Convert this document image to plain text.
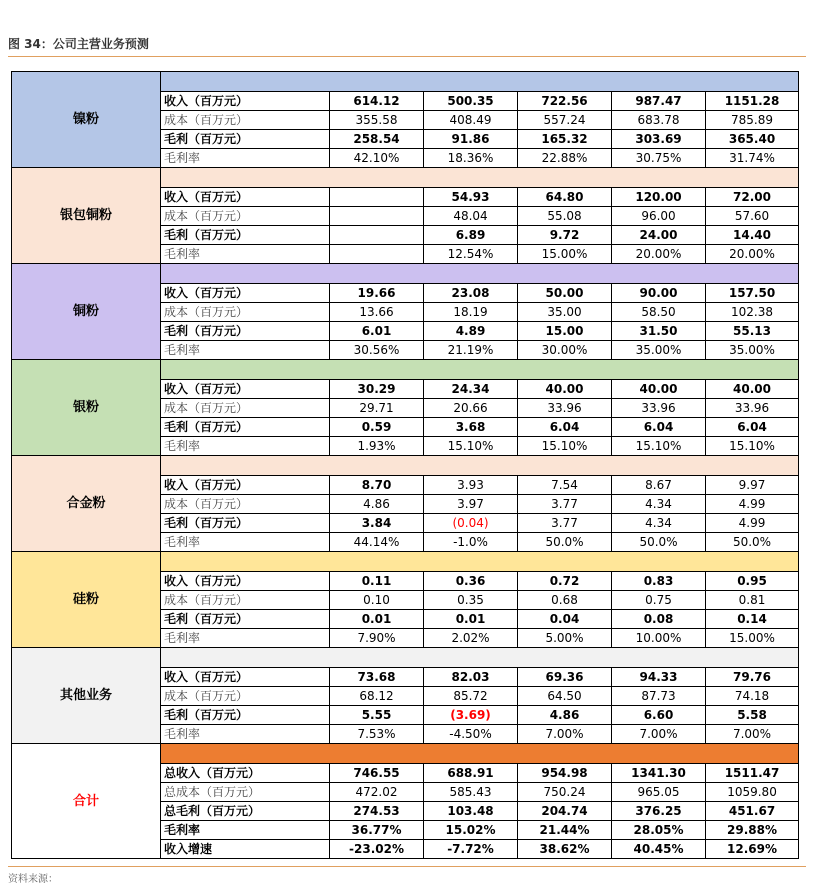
图 34：公司主营业务预测
镍粉						
	收入（百万元）	614.12	500.35	722.56	987.47	1151.28
	成本（百万元）	355.58	408.49	557.24	683.78	785.89
	毛利（百万元）	258.54	91.86	165.32	303.69	365.40
	毛利率	42.10%	18.36%	22.88%	30.75%	31.74%
银包铜粉						
	收入（百万元）		54.93	64.80	120.00	72.00
	成本（百万元）		48.04	55.08	96.00	57.60
	毛利（百万元）		6.89	9.72	24.00	14.40
	毛利率		12.54%	15.00%	20.00%	20.00%
铜粉						
	收入（百万元）	19.66	23.08	50.00	90.00	157.50
	成本（百万元）	13.66	18.19	35.00	58.50	102.38
	毛利（百万元）	6.01	4.89	15.00	31.50	55.13
	毛利率	30.56%	21.19%	30.00%	35.00%	35.00%
银粉						
	收入（百万元）	30.29	24.34	40.00	40.00	40.00
	成本（百万元）	29.71	20.66	33.96	33.96	33.96
	毛利（百万元）	0.59	3.68	6.04	6.04	6.04
	毛利率	1.93%	15.10%	15.10%	15.10%	15.10%
合金粉						
	收入（百万元）	8.70	3.93	7.54	8.67	9.97
	成本（百万元）	4.86	3.97	3.77	4.34	4.99
	毛利（百万元）	3.84	(0.04)	3.77	4.34	4.99
	毛利率	44.14%	-1.0%	50.0%	50.0%	50.0%
硅粉						
	收入（百万元）	0.11	0.36	0.72	0.83	0.95
	成本（百万元）	0.10	0.35	0.68	0.75	0.81
	毛利（百万元）	0.01	0.01	0.04	0.08	0.14
	毛利率	7.90%	2.02%	5.00%	10.00%	15.00%
其他业务						
	收入（百万元）	73.68	82.03	69.36	94.33	79.76
	成本（百万元）	68.12	85.72	64.50	87.73	74.18
	毛利（百万元）	5.55	(3.69)	4.86	6.60	5.58
	毛利率	7.53%	-4.50%	7.00%	7.00%	7.00%
合计						
	总收入（百万元）	746.55	688.91	954.98	1341.30	1511.47
	总成本（百万元）	472.02	585.43	750.24	965.05	1059.80
	总毛利（百万元）	274.53	103.48	204.74	376.25	451.67
	毛利率	36.77%	15.02%	21.44%	28.05%	29.88%
	收入增速	-23.02%	-7.72%	38.62%	40.45%	12.69%
资料来源：
